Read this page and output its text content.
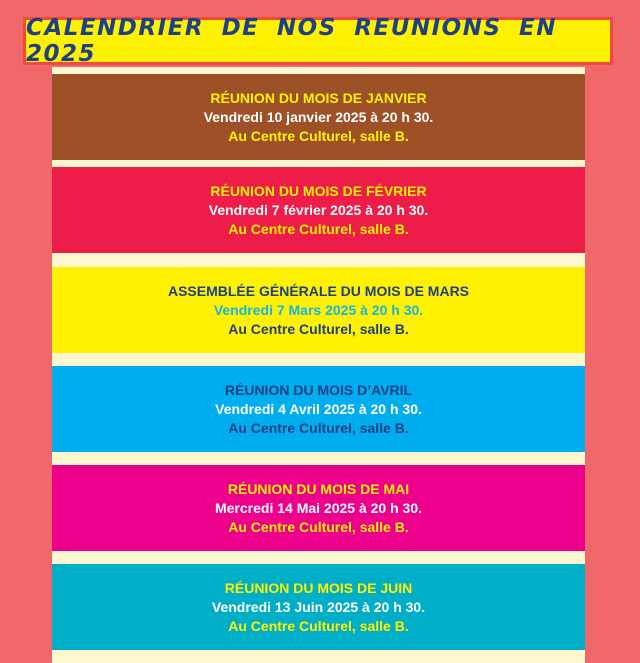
CALENDRIER DE NOS REUNIONS EN 2025
RÉUNION DU MOIS DE JANVIER
Vendredi 10 janvier 2025 à 20 h 30.
Au Centre Culturel, salle B.
RÉUNION DU MOIS DE FÉVRIER
Vendredi 7 février 2025 à 20 h 30.
Au Centre Culturel, salle B.
ASSEMBLÉE GÉNÉRALE DU MOIS DE MARS
Vendredi 7 Mars 2025 à 20 h 30.
Au Centre Culturel, salle B.
RÉUNION DU MOIS D’AVRIL
Vendredi 4 Avril 2025 à 20 h 30.
Au Centre Culturel, salle B.
RÉUNION DU MOIS DE MAI
Mercredi 14 Mai 2025 à 20 h 30.
Au Centre Culturel, salle B.
RÉUNION DU MOIS DE JUIN
Vendredi 13 Juin 2025 à 20 h 30.
Au Centre Culturel, salle B.
